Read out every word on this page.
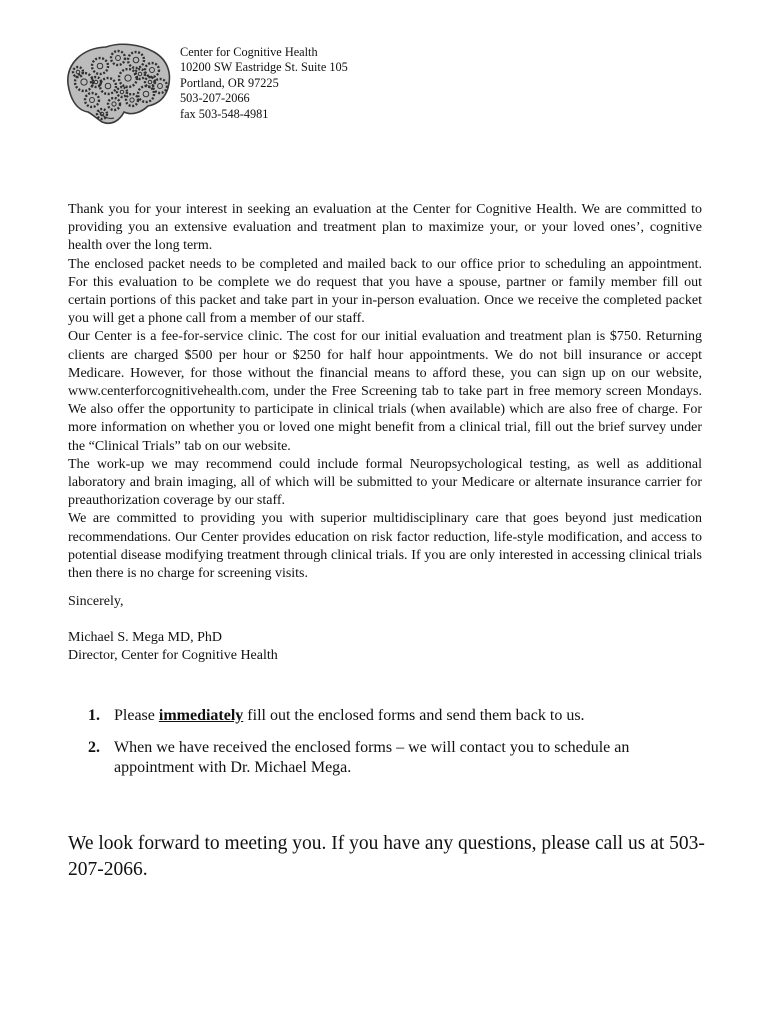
Center for Cognitive Health
10200 SW Eastridge St. Suite 105
Portland, OR 97225
503-207-2066
fax 503-548-4981

Thank you for your interest in seeking an evaluation at the Center for Cognitive Health. We are committed to providing you an extensive evaluation and treatment plan to maximize your, or your loved ones’, cognitive health over the long term.

The enclosed packet needs to be completed and mailed back to our office prior to scheduling an appointment. For this evaluation to be complete we do request that you have a spouse, partner or family member fill out certain portions of this packet and take part in your in-person evaluation. Once we receive the completed packet you will get a phone call from a member of our staff.

Our Center is a fee-for-service clinic. The cost for our initial evaluation and treatment plan is $750. Returning clients are charged $500 per hour or $250 for half hour appointments. We do not bill insurance or accept Medicare. However, for those without the financial means to afford these, you can sign up on our website, www.centerforcognitivehealth.com, under the Free Screening tab to take part in free memory screen Mondays. We also offer the opportunity to participate in clinical trials (when available) which are also free of charge. For more information on whether you or loved one might benefit from a clinical trial, fill out the brief survey under the “Clinical Trials” tab on our website.

The work-up we may recommend could include formal Neuropsychological testing, as well as additional laboratory and brain imaging, all of which will be submitted to your Medicare or alternate insurance carrier for preauthorization coverage by our staff.

We are committed to providing you with superior multidisciplinary care that goes beyond just medication recommendations. Our Center provides education on risk factor reduction, life-style modification, and access to potential disease modifying treatment through clinical trials. If you are only interested in accessing clinical trials then there is no charge for screening visits.

Sincerely,
Michael S. Mega MD, PhD
Director, Center for Cognitive Health
1 . Please immediately fill out the enclosed forms and send them back to us.
2 . When we have received the enclosed forms – we will contact you to schedule an appointment with Dr. Michael Mega.
We look forward to meeting you. If you have any questions, please call us at 503-207-2066.
